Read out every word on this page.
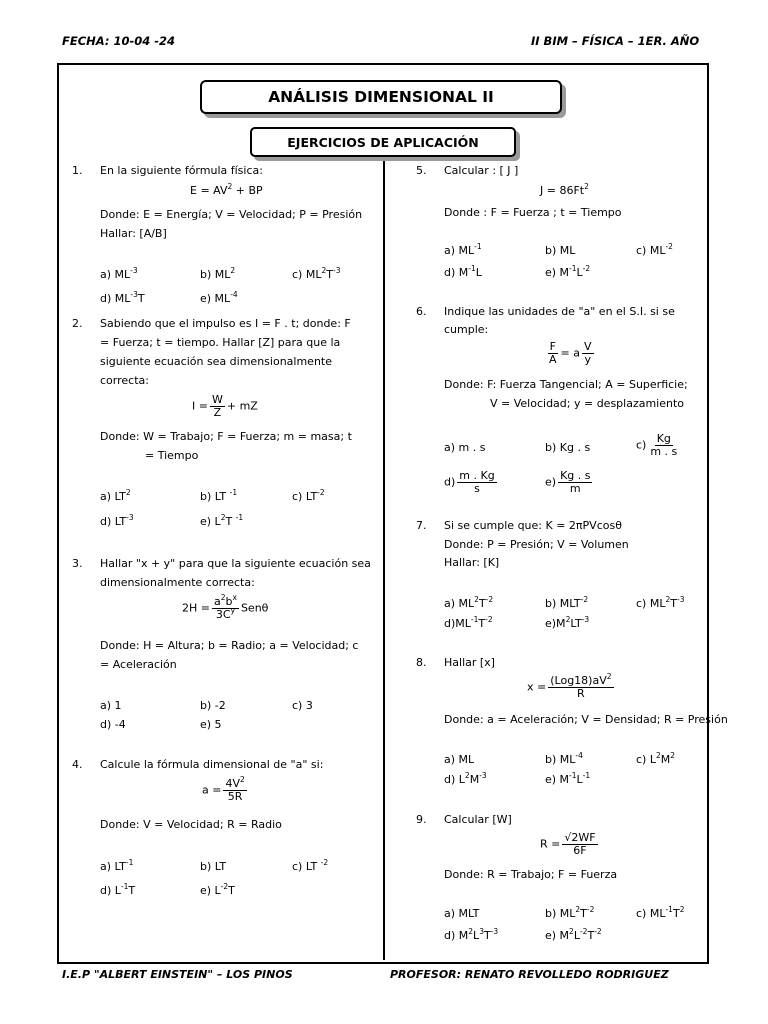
FECHA: 10-04 -24	II BIM – FÍSICA – 1ER. AÑO
ANÁLISIS DIMENSIONAL II
EJERCICIOS DE APLICACIÓN
1. En la siguiente fórmula física:
$E = AV^2$ + BP
Donde: E = Energía; V = Velocidad; P = Presión
Hallar: [A/B]
a) $ML^{-3}$	b) $ML^2$	c) $ML^2T^{-3}$
d) $ML^{-3}T$	e) $ML^{-4}$
2. Sabiendo que el impulso es I = F . t; donde: F
= Fuerza; t = tiempo. Hallar [Z] para que la
siguiente ecuación sea dimensionalmente
correcta:
$I = \frac{W}{Z}$ + mZ
Donde: W = Trabajo; F = Fuerza; m = masa; t
= Tiempo
a) $LT^2$	b) LT $^{-1}$	c) $LT^{-2}$
d) $LT^{-3}$	e) $L^2T$ $^{-1}$
3. Hallar "x + y" para que la siguiente ecuación sea
dimensionalmente correcta:
$2H = \frac{a^2b^x}{3C^y}$ Senθ
Donde: H = Altura; b = Radio; a = Velocidad; c
= Aceleración
a) 1	b) -2	c) 3
d) -4	e) 5
4. Calcule la fórmula dimensional de "a" si:
$a = \frac{4V^2}{5R}$
Donde: V = Velocidad; R = Radio
a) $LT^{-1}$	b) LT	c) LT $^{-2}$
d) $L^{-1}T$	e) $L^{-2}T$
5. Calcular : [ J ]
$J = 86Ft^2$
Donde : F = Fuerza ; t = Tiempo
a) $ML^{-1}$	b) ML	c) $ML^{-2}$
d) $M^{-1}L$	e) $M^{-1}L^{-2}$
6. Indique las unidades de "a" en el S.I. si se
cumple:
$\frac{F}{A} = a \frac{V}{y}$
Donde: F: Fuerza Tangencial; A = Superficie;
V = Velocidad; y = desplazamiento
a) m . s	b) Kg . s	$c) \frac{Kg}{m . s}$
$d) \frac{m . Kg}{s}$	$e) \frac{Kg . s}{m}$
7. Si se cumple que: K = 2πPVcosθ
Donde: P = Presión; V = Volumen
Hallar: [K]
a) $ML^2T^{-2}$	b) $MLT^{-2}$	c) $ML^2T^{-3}$
$d)ML^{-1}T^{-2}$	$e)M^2LT^{-3}$
8. Hallar [x]
$x = \frac{(Log18)aV^2}{R}$
Donde: a = Aceleración; V = Densidad; R = Presión
a) ML	b) $ML^{-4}$	c) $L^2M^2$
d) $L^2M^{-3}$	e) $M^{-1}L^{-1}$
9. Calcular [W]
$R = \frac{√2WF}{6F}$
Donde: R = Trabajo; F = Fuerza
a) MLT	b) $ML^2T^{-2}$	c) $ML^{-1}T^2$
d) $M^2L^3T^{-3}$	e) $M^2L^{-2}T^{-2}$
I.E.P "ALBERT EINSTEIN" – LOS PINOS	PROFESOR: RENATO REVOLLEDO RODRIGUEZ
